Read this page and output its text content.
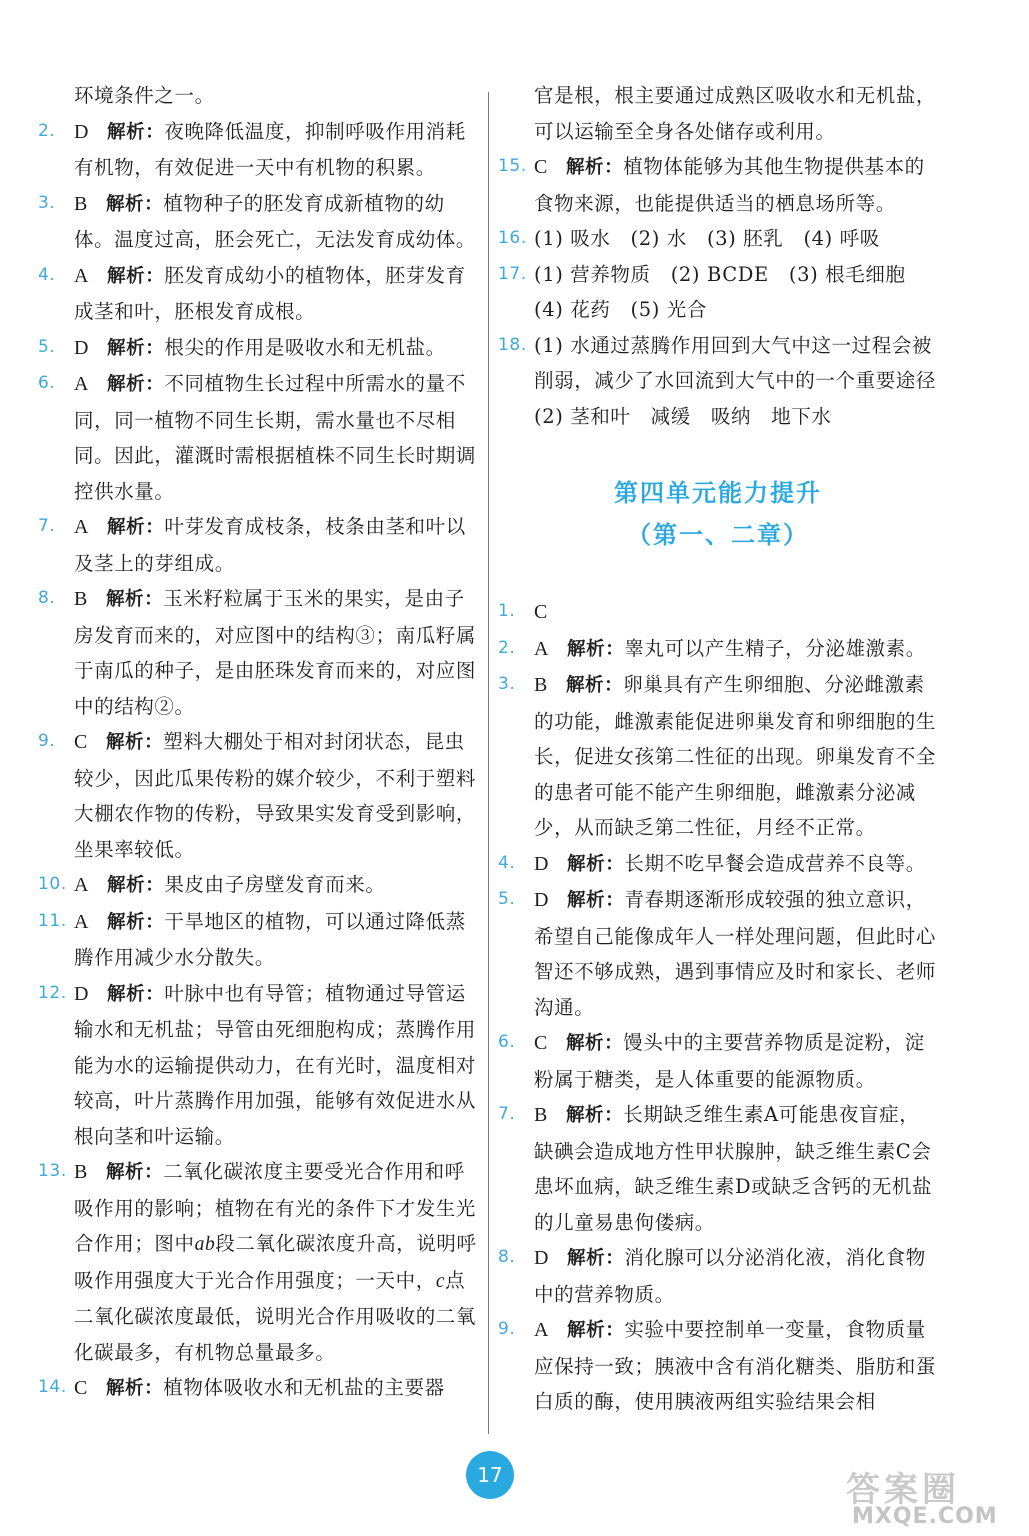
环境条件之一。

2. D 解析：夜晚降低温度，抑制呼吸作用消耗有机物，有效促进一天中有机物的积累。

3. B 解析：植物种子的胚发育成新植物的幼体。温度过高，胚会死亡，无法发育成幼体。

4. A 解析：胚发育成幼小的植物体，胚芽发育成茎和叶，胚根发育成根。

5. D 解析：根尖的作用是吸收水和无机盐。

6. A 解析：不同植物生长过程中所需水的量不同，同一植物不同生长期，需水量也不尽相同。因此，灌溉时需根据植株不同生长时期调控供水量。

7. A 解析：叶芽发育成枝条，枝条由茎和叶以及茎上的芽组成。

8. B 解析：玉米籽粒属于玉米的果实，是由子房发育而来的，对应图中的结构③；南瓜籽属于南瓜的种子，是由胚珠发育而来的，对应图中的结构②。

9. C 解析：塑料大棚处于相对封闭状态，昆虫较少，因此瓜果传粉的媒介较少，不利于塑料大棚农作物的传粉，导致果实发育受到影响，坐果率较低。

10. A 解析：果皮由子房壁发育而来。

11. A 解析：干旱地区的植物，可以通过降低蒸腾作用减少水分散失。

12. D 解析：叶脉中也有导管；植物通过导管运输水和无机盐；导管由死细胞构成；蒸腾作用能为水的运输提供动力，在有光时，温度相对较高，叶片蒸腾作用加强，能够有效促进水从根向茎和叶运输。

13. B 解析：二氧化碳浓度主要受光合作用和呼吸作用的影响；植物在有光的条件下才发生光合作用；图中ab段二氧化碳浓度升高，说明呼吸作用强度大于光合作用强度；一天中，c点二氧化碳浓度最低，说明光合作用吸收的二氧化碳最多，有机物总量最多。

14. C 解析：植物体吸收水和无机盐的主要器

官是根，根主要通过成熟区吸收水和无机盐，可以运输至全身各处储存或利用。

15. C 解析：植物体能够为其他生物提供基本的食物来源，也能提供适当的栖息场所等。

16. (1) 吸水　(2) 水　(3) 胚乳　(4) 呼吸

17. (1) 营养物质　(2) BCDE　(3) 根毛细胞　(4) 花药　(5) 光合

18. (1) 水通过蒸腾作用回到大气中这一过程会被削弱，减少了水回流到大气中的一个重要途径　(2) 茎和叶　减缓　吸纳　地下水

第四单元能力提升

（第一、二章）

1. C

2. A 解析：睾丸可以产生精子，分泌雄激素。

3. B 解析：卵巢具有产生卵细胞、分泌雌激素的功能，雌激素能促进卵巢发育和卵细胞的生长，促进女孩第二性征的出现。卵巢发育不全的患者可能不能产生卵细胞，雌激素分泌减少，从而缺乏第二性征，月经不正常。

4. D 解析：长期不吃早餐会造成营养不良等。

5. D 解析：青春期逐渐形成较强的独立意识，希望自己能像成年人一样处理问题，但此时心智还不够成熟，遇到事情应及时和家长、老师沟通。

6. C 解析：馒头中的主要营养物质是淀粉，淀粉属于糖类，是人体重要的能源物质。

7. B 解析：长期缺乏维生素A可能患夜盲症，缺碘会造成地方性甲状腺肿，缺乏维生素C会患坏血病，缺乏维生素D或缺乏含钙的无机盐的儿童易患佝偻病。

8. D 解析：消化腺可以分泌消化液，消化食物中的营养物质。

9. A 解析：实验中要控制单一变量，食物质量应保持一致；胰液中含有消化糖类、脂肪和蛋白质的酶，使用胰液两组实验结果会相

17	答案圈
MXQE.COM
